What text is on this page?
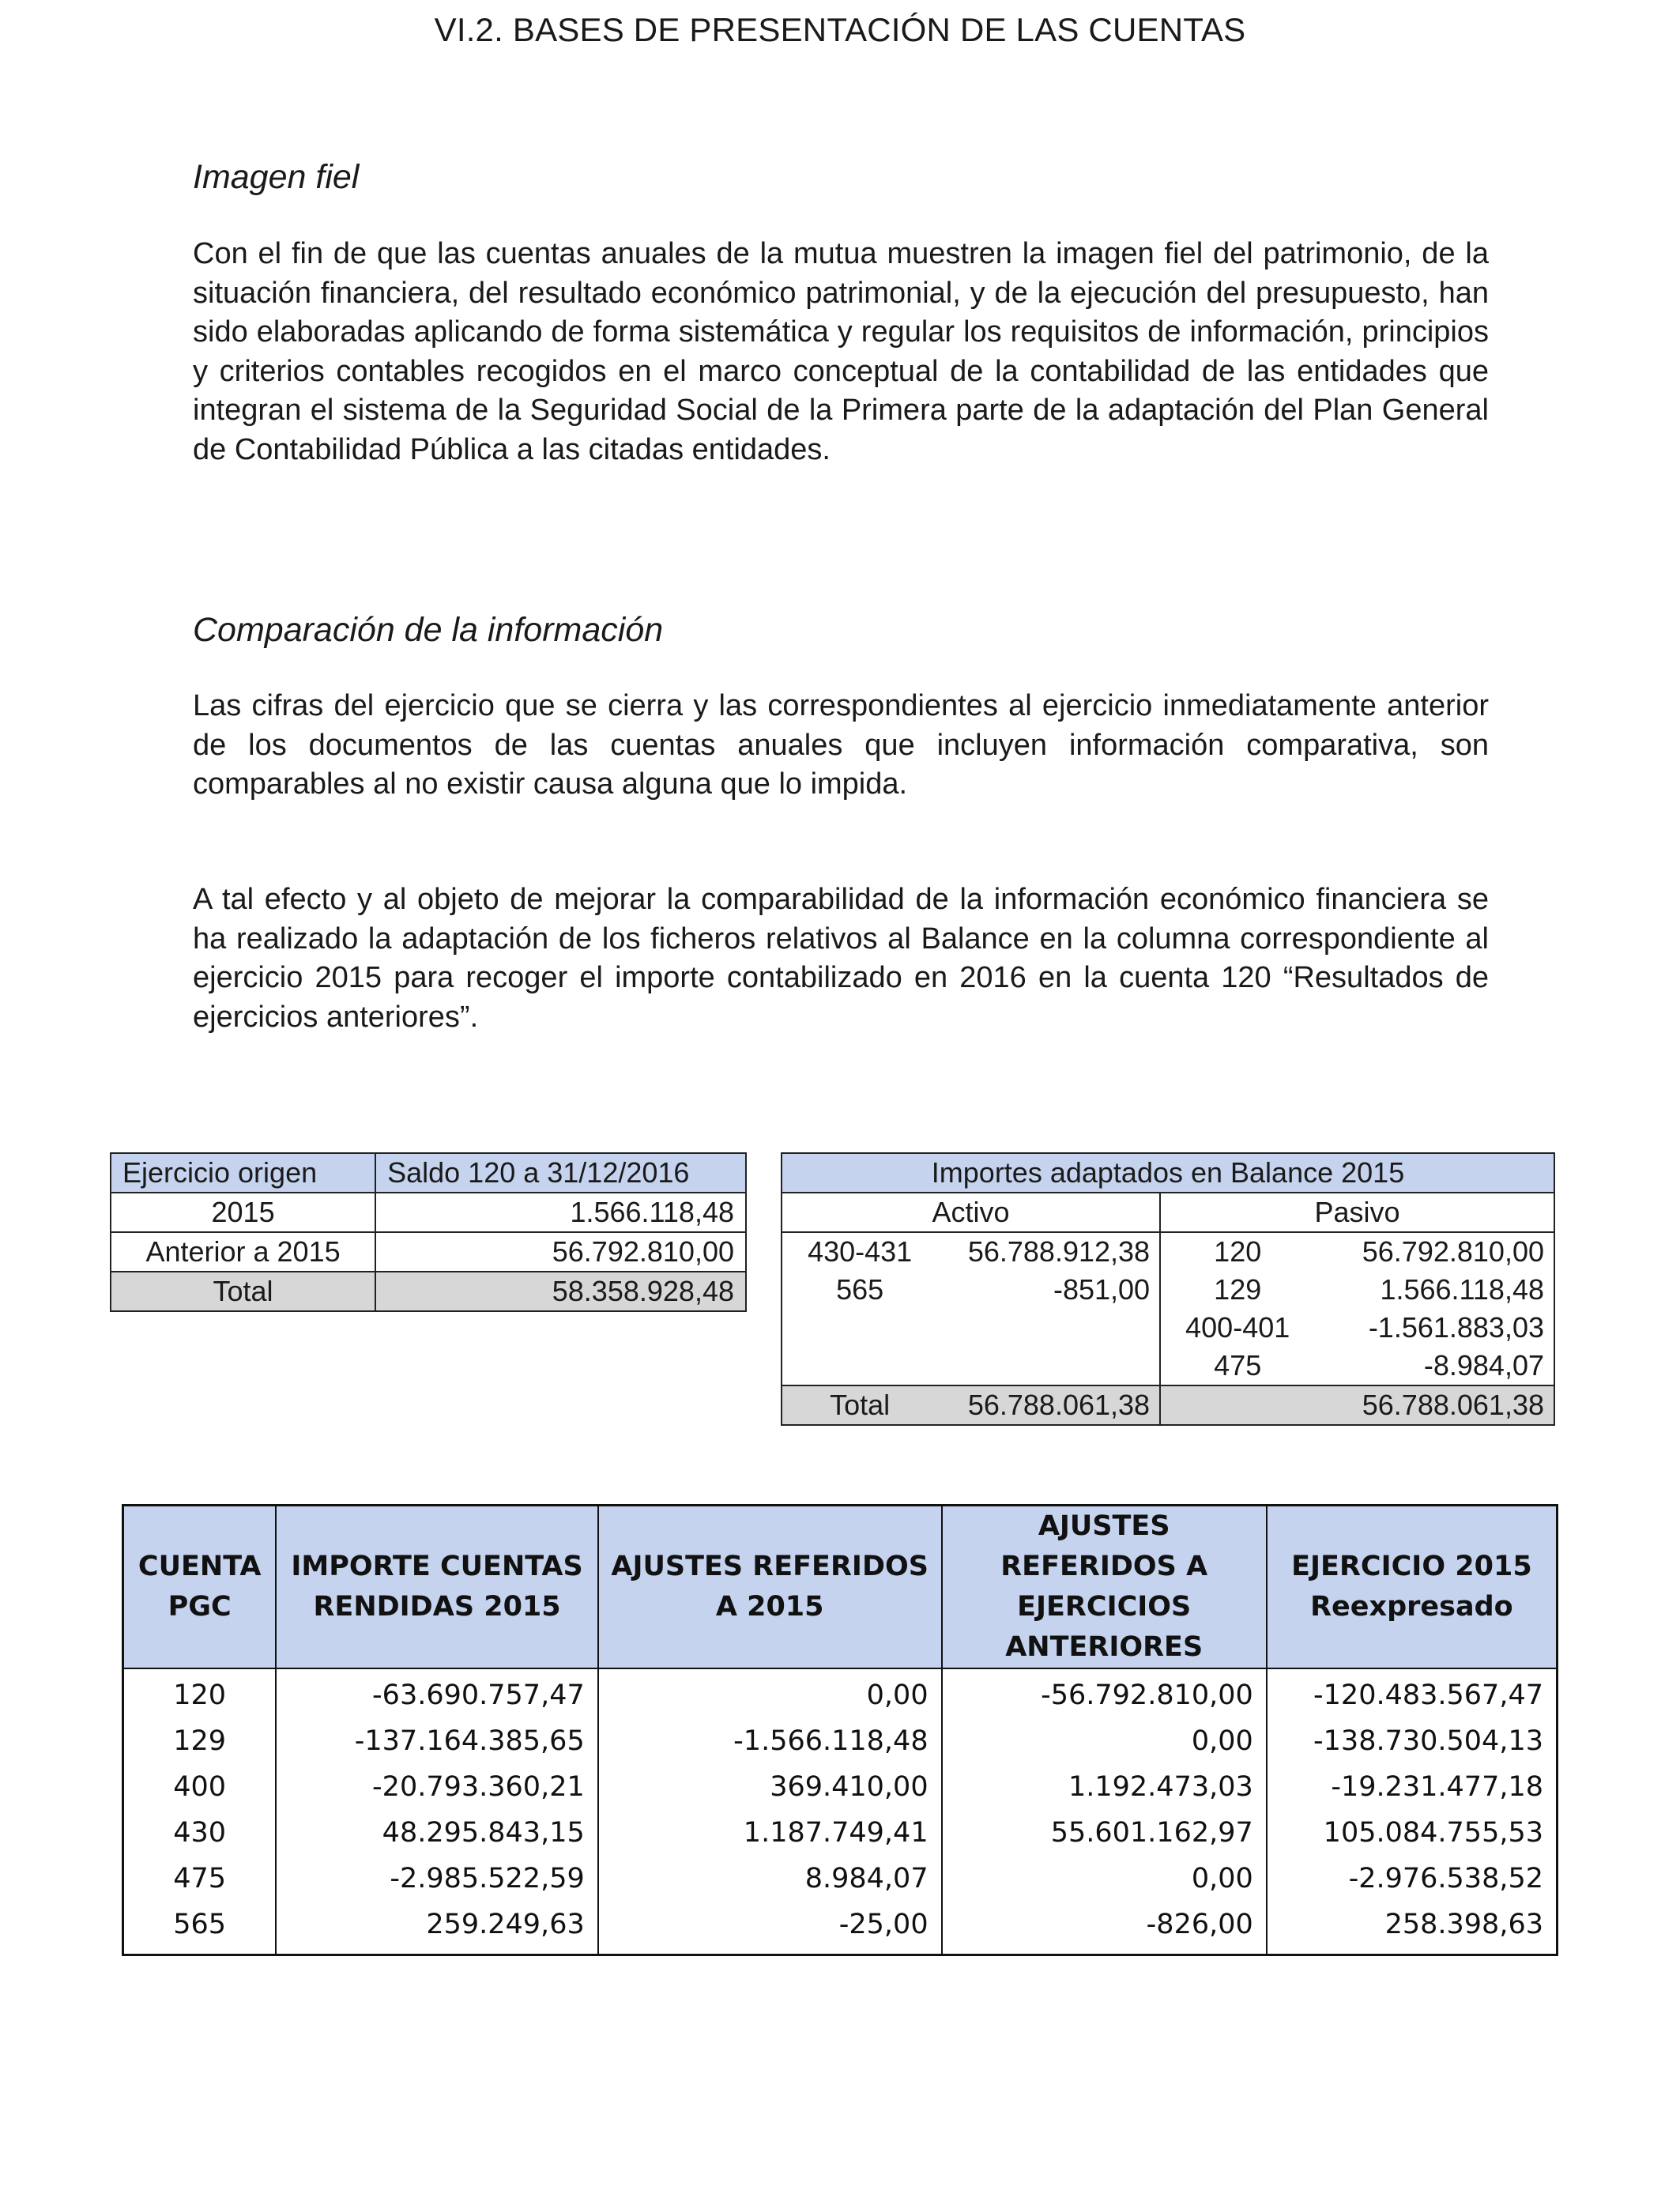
VI.2. BASES DE PRESENTACIÓN DE LAS CUENTAS
Imagen fiel
Con el fin de que las cuentas anuales de la mutua muestren la imagen fiel del patrimonio, de la situación financiera, del resultado económico patrimonial, y de la ejecución del presupuesto, han sido elaboradas aplicando de forma sistemática y regular los requisitos de información, principios y criterios contables recogidos en el marco conceptual de la contabilidad de las entidades que integran el sistema de la Seguridad Social de la Primera parte de la adaptación del Plan General de Contabilidad Pública a las citadas entidades.
Comparación de la información
Las cifras del ejercicio que se cierra y las correspondientes al ejercicio inmediatamente anterior de los documentos de las cuentas anuales que incluyen información comparativa, son comparables al no existir causa alguna que lo impida.
A tal efecto y al objeto de mejorar la comparabilidad de la información económico financiera se ha realizado la adaptación de los ficheros relativos al Balance en la columna correspondiente al ejercicio 2015 para recoger el importe contabilizado en 2016 en la cuenta 120 “Resultados de ejercicios anteriores”.
Ejercicio origen	Saldo 120 a 31/12/2016
2015	1.566.118,48
Anterior a 2015	56.792.810,00
Total	58.358.928,48
Importes adaptados en Balance 2015			
Activo		Pasivo	
430-431	56.788.912,38	120	56.792.810,00
565	-851,00	129	1.566.118,48
		400-401	-1.561.883,03
		475	-8.984,07
Total	56.788.061,38		56.788.061,38
CUENTA PGC	IMPORTE CUENTAS RENDIDAS 2015	AJUSTES REFERIDOS A 2015	AJUSTES REFERIDOS A EJERCICIOS ANTERIORES	EJERCICIO 2015 Reexpresado
120	-63.690.757,47	0,00	-56.792.810,00	-120.483.567,47
129	-137.164.385,65	-1.566.118,48	0,00	-138.730.504,13
400	-20.793.360,21	369.410,00	1.192.473,03	-19.231.477,18
430	48.295.843,15	1.187.749,41	55.601.162,97	105.084.755,53
475	-2.985.522,59	8.984,07	0,00	-2.976.538,52
565	259.249,63	-25,00	-826,00	258.398,63
